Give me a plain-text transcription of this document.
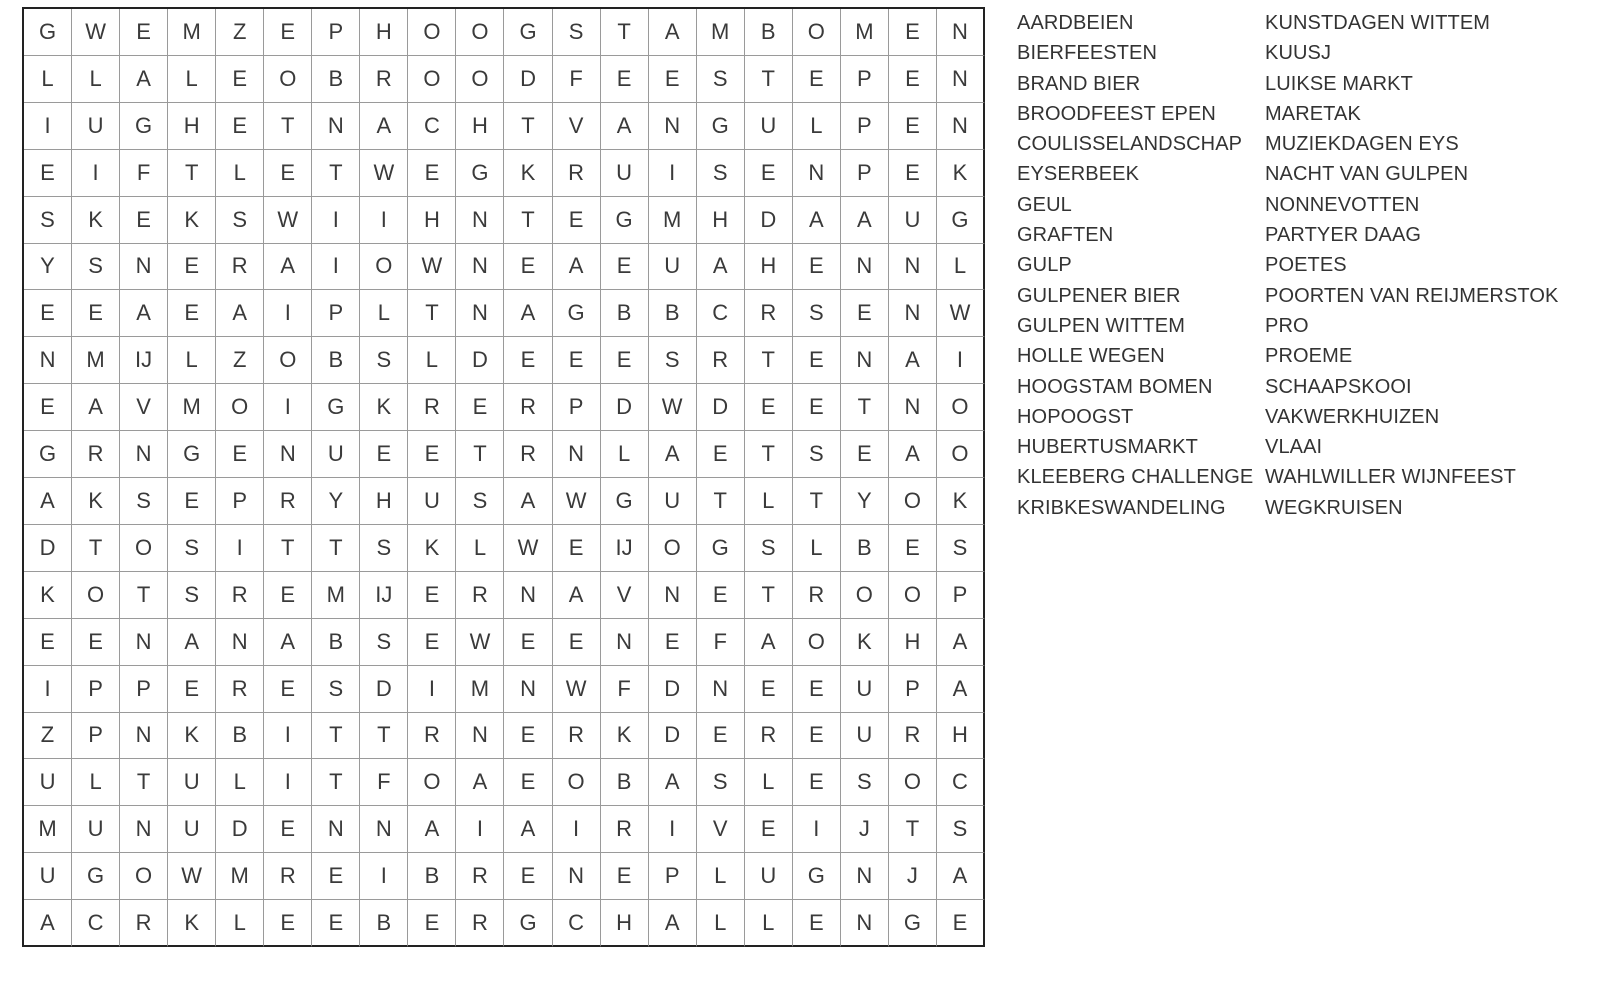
G	W	E	M	Z	E	P	H	O	O	G	S	T	A	M	B	O	M	E	N
L	L	A	L	E	O	B	R	O	O	D	F	E	E	S	T	E	P	E	N
I	U	G	H	E	T	N	A	C	H	T	V	A	N	G	U	L	P	E	N
E	I	F	T	L	E	T	W	E	G	K	R	U	I	S	E	N	P	E	K
S	K	E	K	S	W	I	I	H	N	T	E	G	M	H	D	A	A	U	G
Y	S	N	E	R	A	I	O	W	N	E	A	E	U	A	H	E	N	N	L
E	E	A	E	A	I	P	L	T	N	A	G	B	B	C	R	S	E	N	W
N	M	IJ	L	Z	O	B	S	L	D	E	E	E	S	R	T	E	N	A	I
E	A	V	M	O	I	G	K	R	E	R	P	D	W	D	E	E	T	N	O
G	R	N	G	E	N	U	E	E	T	R	N	L	A	E	T	S	E	A	O
A	K	S	E	P	R	Y	H	U	S	A	W	G	U	T	L	T	Y	O	K
D	T	O	S	I	T	T	S	K	L	W	E	IJ	O	G	S	L	B	E	S
K	O	T	S	R	E	M	IJ	E	R	N	A	V	N	E	T	R	O	O	P
E	E	N	A	N	A	B	S	E	W	E	E	N	E	F	A	O	K	H	A
I	P	P	E	R	E	S	D	I	M	N	W	F	D	N	E	E	U	P	A
Z	P	N	K	B	I	T	T	R	N	E	R	K	D	E	R	E	U	R	H
U	L	T	U	L	I	T	F	O	A	E	O	B	A	S	L	E	S	O	C
M	U	N	U	D	E	N	N	A	I	A	I	R	I	V	E	I	J	T	S
U	G	O	W	M	R	E	I	B	R	E	N	E	P	L	U	G	N	J	A
A	C	R	K	L	E	E	B	E	R	G	C	H	A	L	L	E	N	G	E
AARDBEIEN
BIERFEESTEN
BRAND BIER
BROODFEEST EPEN
COULISSELANDSCHAP
EYSERBEEK
GEUL
GRAFTEN
GULP
GULPENER BIER
GULPEN WITTEM
HOLLE WEGEN
HOOGSTAM BOMEN
HOPOOGST
HUBERTUSMARKT
KLEEBERG CHALLENGE
KRIBKESWANDELING
KUNSTDAGEN WITTEM
KUUSJ
LUIKSE MARKT
MARETAK
MUZIEKDAGEN EYS
NACHT VAN GULPEN
NONNEVOTTEN
PARTYER DAAG
POETES
POORTEN VAN REIJMERSTOK
PRO
PROEME
SCHAAPSKOOI
VAKWERKHUIZEN
VLAAI
WAHLWILLER WIJNFEEST
WEGKRUISEN
